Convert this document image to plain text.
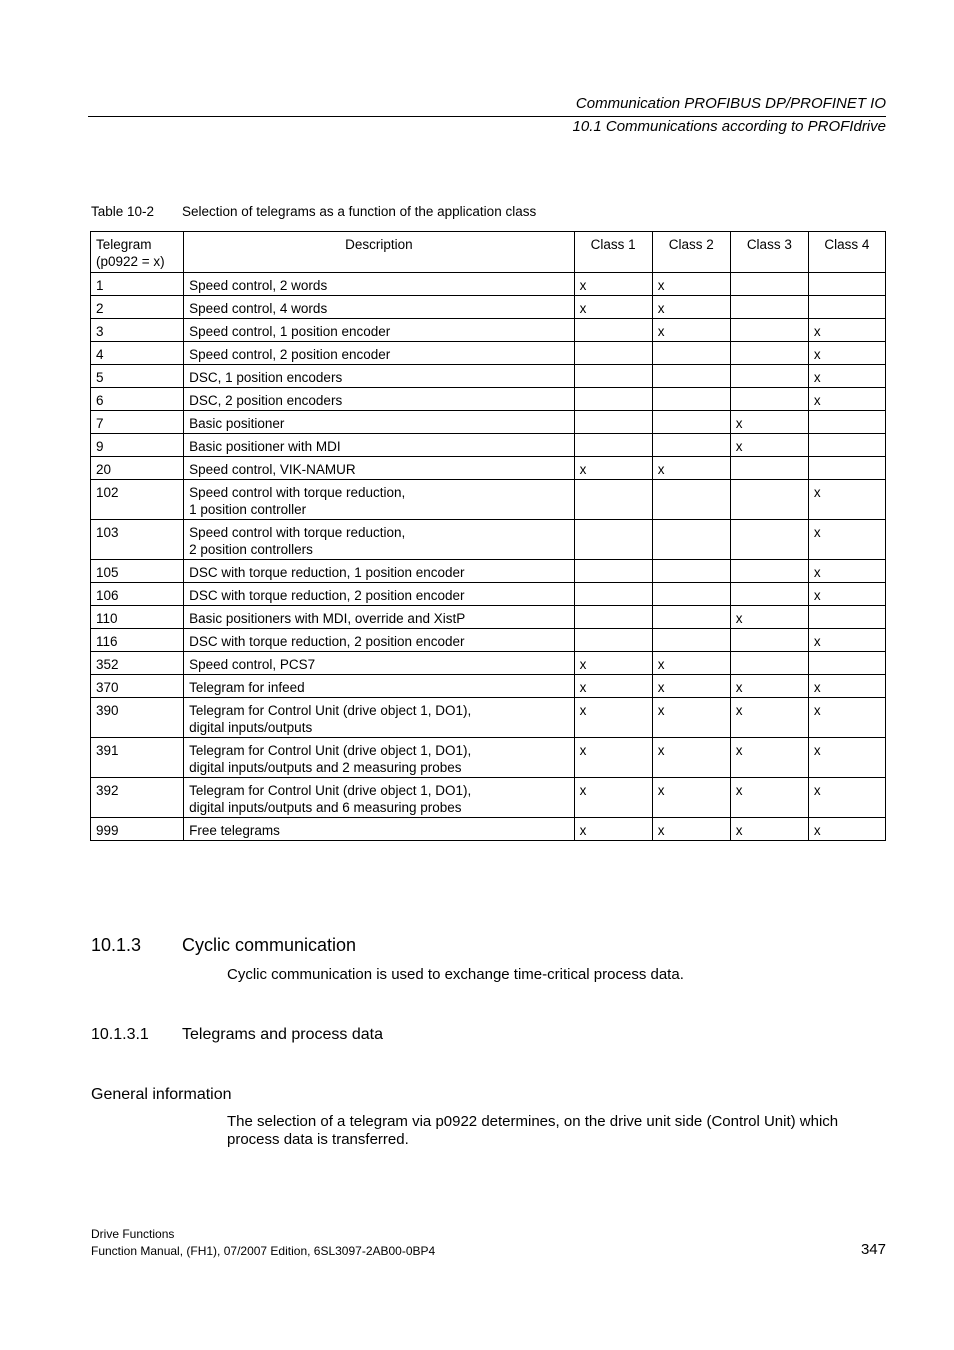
Communication PROFIBUS DP/PROFINET IO
10.1 Communications according to PROFIdrive
Table 10-2 Selection of telegrams as a function of the application class
Telegram
(p0922 = x)	Description	Class 1	Class 2	Class 3	Class 4
1	Speed control, 2 words	x	x		
2	Speed control, 4 words	x	x		
3	Speed control, 1 position encoder		x		x
4	Speed control, 2 position encoder				x
5	DSC, 1 position encoders				x
6	DSC, 2 position encoders				x
7	Basic positioner			x	
9	Basic positioner with MDI			x	
20	Speed control, VIK-NAMUR	x	x		
102	Speed control with torque reduction,
1 position controller				x
103	Speed control with torque reduction,
2 position controllers				x
105	DSC with torque reduction, 1 position encoder				x
106	DSC with torque reduction, 2 position encoder				x
110	Basic positioners with MDI, override and XistP			x	
116	DSC with torque reduction, 2 position encoder				x
352	Speed control, PCS7	x	x		
370	Telegram for infeed	x	x	x	x
390	Telegram for Control Unit (drive object 1, DO1),
digital inputs/outputs	x	x	x	x
391	Telegram for Control Unit (drive object 1, DO1),
digital inputs/outputs and 2 measuring probes	x	x	x	x
392	Telegram for Control Unit (drive object 1, DO1),
digital inputs/outputs and 6 measuring probes	x	x	x	x
999	Free telegrams	x	x	x	x
10.1.3 Cyclic communication
Cyclic communication is used to exchange time-critical process data.
10.1.3.1 Telegrams and process data
General information
The selection of a telegram via p0922 determines, on the drive unit side (Control Unit) which
process data is transferred.
Drive Functions
Function Manual, (FH1), 07/2007 Edition, 6SL3097-2AB00-0BP4	347
